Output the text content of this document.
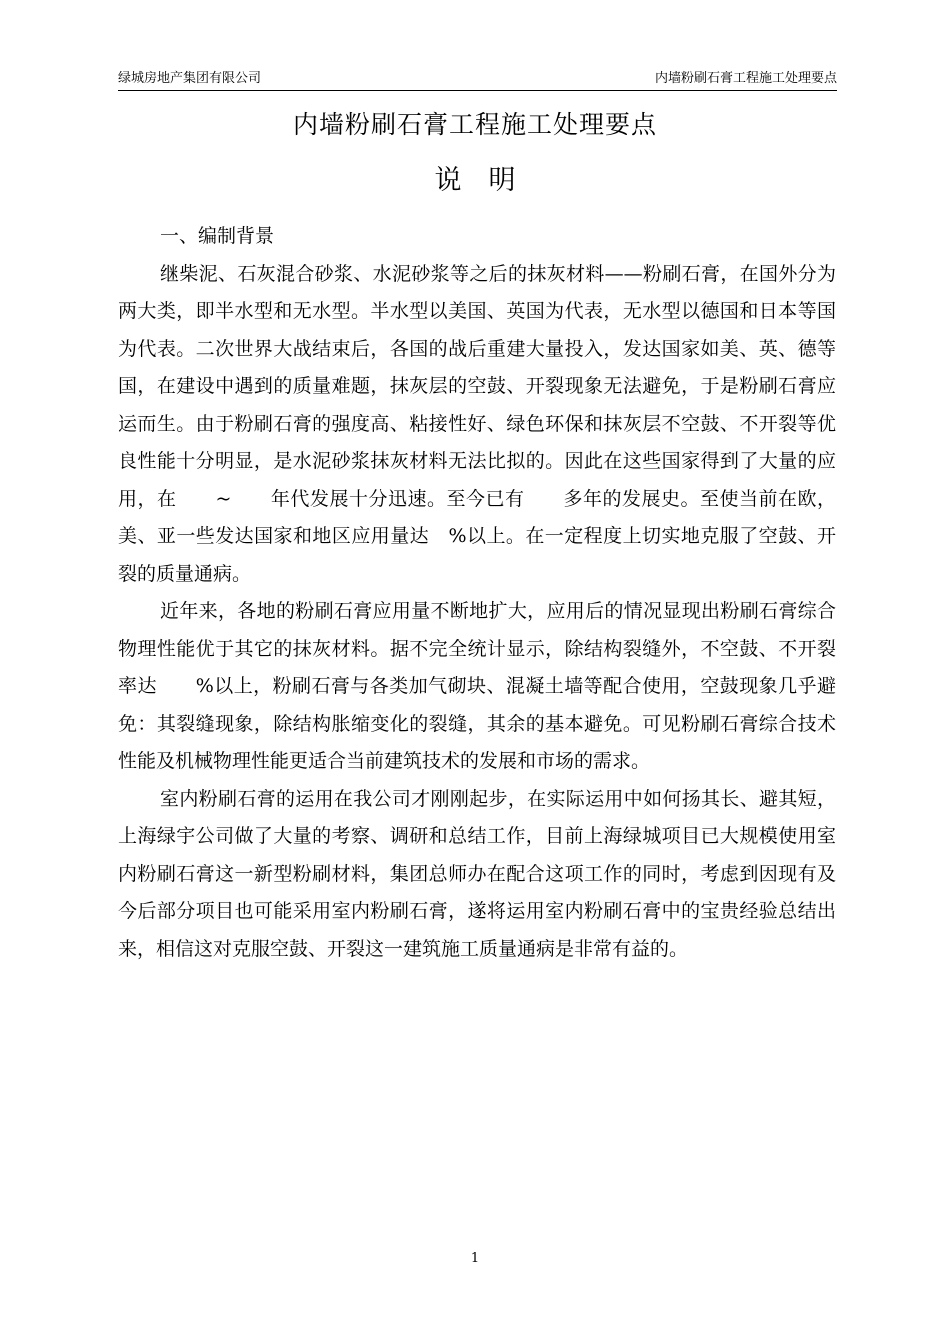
绿城房地产集团有限公司	内墙粉刷石膏工程施工处理要点
内墙粉刷石膏工程施工处理要点
说　明

一、编制背景

继柴泥、石灰混合砂浆、水泥砂浆等之后的抹灰材料——粉刷石膏，在国外分为两大类，即半水型和无水型。半水型以美国、英国为代表，无水型以德国和日本等国为代表。二次世界大战结束后，各国的战后重建大量投入，发达国家如美、英、德等国，在建设中遇到的质量难题，抹灰层的空鼓、开裂现象无法避免，于是粉刷石膏应运而生。由于粉刷石膏的强度高、粘接性好、绿色环保和抹灰层不空鼓、不开裂等优良性能十分明显，是水泥砂浆抹灰材料无法比拟的。因此在这些国家得到了大量的应用，在　　~　　年代发展十分迅速。至今已有　　多年的发展史。至使当前在欧，美、亚一些发达国家和地区应用量达　%以上。在一定程度上切实地克服了空鼓、开裂的质量通病。

近年来，各地的粉刷石膏应用量不断地扩大，应用后的情况显现出粉刷石膏综合物理性能优于其它的抹灰材料。据不完全统计显示，除结构裂缝外，不空鼓、不开裂率达　　%以上，粉刷石膏与各类加气砌块、混凝土墙等配合使用，空鼓现象几乎避免：其裂缝现象，除结构胀缩变化的裂缝，其余的基本避免。可见粉刷石膏综合技术性能及机械物理性能更适合当前建筑技术的发展和市场的需求。

室内粉刷石膏的运用在我公司才刚刚起步，在实际运用中如何扬其长、避其短，上海绿宇公司做了大量的考察、调研和总结工作，目前上海绿城项目已大规模使用室内粉刷石膏这一新型粉刷材料，集团总师办在配合这项工作的同时，考虑到因现有及今后部分项目也可能采用室内粉刷石膏，遂将运用室内粉刷石膏中的宝贵经验总结出来，相信这对克服空鼓、开裂这一建筑施工质量通病是非常有益的。

1
